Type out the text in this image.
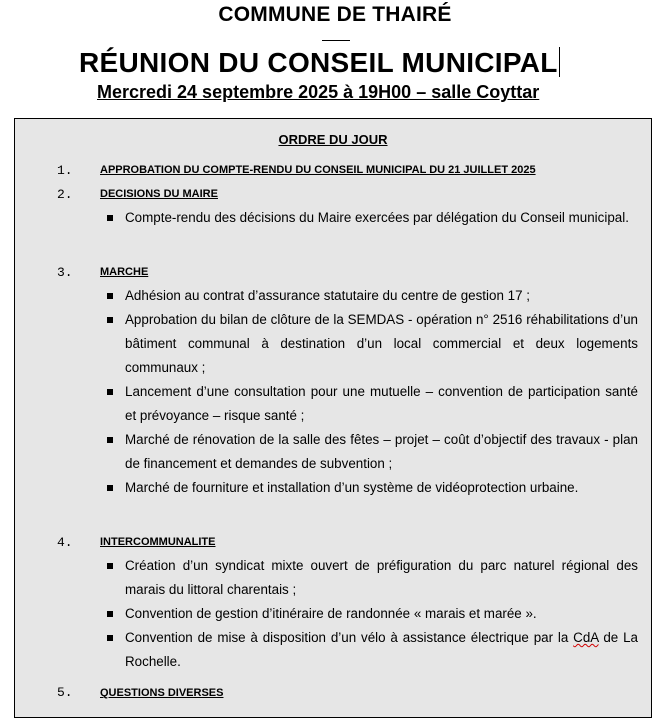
COMMUNE DE THAIRÉ
RÉUNION DU CONSEIL MUNICIPAL
Mercredi 24 septembre 2025 à 19H00 – salle Coyttar
ORDRE DU JOUR
1. APPROBATION DU COMPTE-RENDU DU CONSEIL MUNICIPAL DU 21 JUILLET 2025
2. DECISIONS DU MAIRE
Compte-rendu des décisions du Maire exercées par délégation du Conseil municipal.
3. MARCHE
Adhésion au contrat d’assurance statutaire du centre de gestion 17 ;
Approbation du bilan de clôture de la SEMDAS - opération n° 2516 réhabilitations d’un bâtiment communal à destination d’un local commercial et deux logements communaux ;
Lancement d’une consultation pour une mutuelle – convention de participation santé et prévoyance – risque santé ;
Marché de rénovation de la salle des fêtes – projet – coût d’objectif des travaux - plan de financement et demandes de subvention ;
Marché de fourniture et installation d’un système de vidéoprotection urbaine.
4. INTERCOMMUNALITE
Création d’un syndicat mixte ouvert de préfiguration du parc naturel régional des marais du littoral charentais ;
Convention de gestion d’itinéraire de randonnée « marais et marée ».
Convention de mise à disposition d’un vélo à assistance électrique par la CdA de La Rochelle.
5. QUESTIONS DIVERSES
